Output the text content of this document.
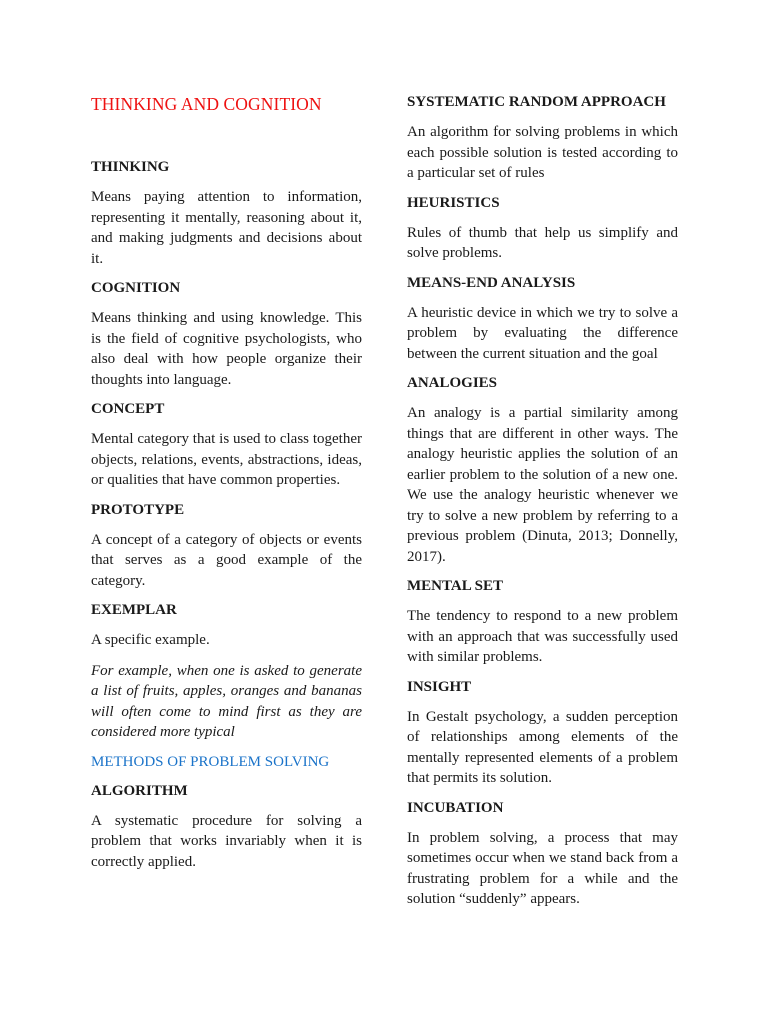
THINKING AND COGNITION
THINKING

Means paying attention to information, representing it mentally, reasoning about it, and making judgments and decisions about it.

COGNITION

Means thinking and using knowledge. This is the field of cognitive psychologists, who also deal with how people organize their thoughts into language.

CONCEPT

Mental category that is used to class together objects, relations, events, abstractions, ideas, or qualities that have common properties.

PROTOTYPE

A concept of a category of objects or events that serves as a good example of the category.

EXEMPLAR

A specific example.

For example, when one is asked to generate a list of fruits, apples, oranges and bananas will often come to mind first as they are considered more typical

METHODS OF PROBLEM SOLVING
ALGORITHM

A systematic procedure for solving a problem that works invariably when it is correctly applied.

SYSTEMATIC RANDOM APPROACH

An algorithm for solving problems in which each possible solution is tested according to a particular set of rules

HEURISTICS

Rules of thumb that help us simplify and solve problems.

MEANS-END ANALYSIS

A heuristic device in which we try to solve a problem by evaluating the difference between the current situation and the goal

ANALOGIES

An analogy is a partial similarity among things that are different in other ways. The analogy heuristic applies the solution of an earlier problem to the solution of a new one. We use the analogy heuristic whenever we try to solve a new problem by referring to a previous problem (Dinuta, 2013; Donnelly, 2017).

MENTAL SET

The tendency to respond to a new problem with an approach that was successfully used with similar problems.

INSIGHT

In Gestalt psychology, a sudden perception of relationships among elements of the mentally represented elements of a problem that permits its solution.

INCUBATION

In problem solving, a process that may sometimes occur when we stand back from a frustrating problem for a while and the solution “suddenly” appears.
